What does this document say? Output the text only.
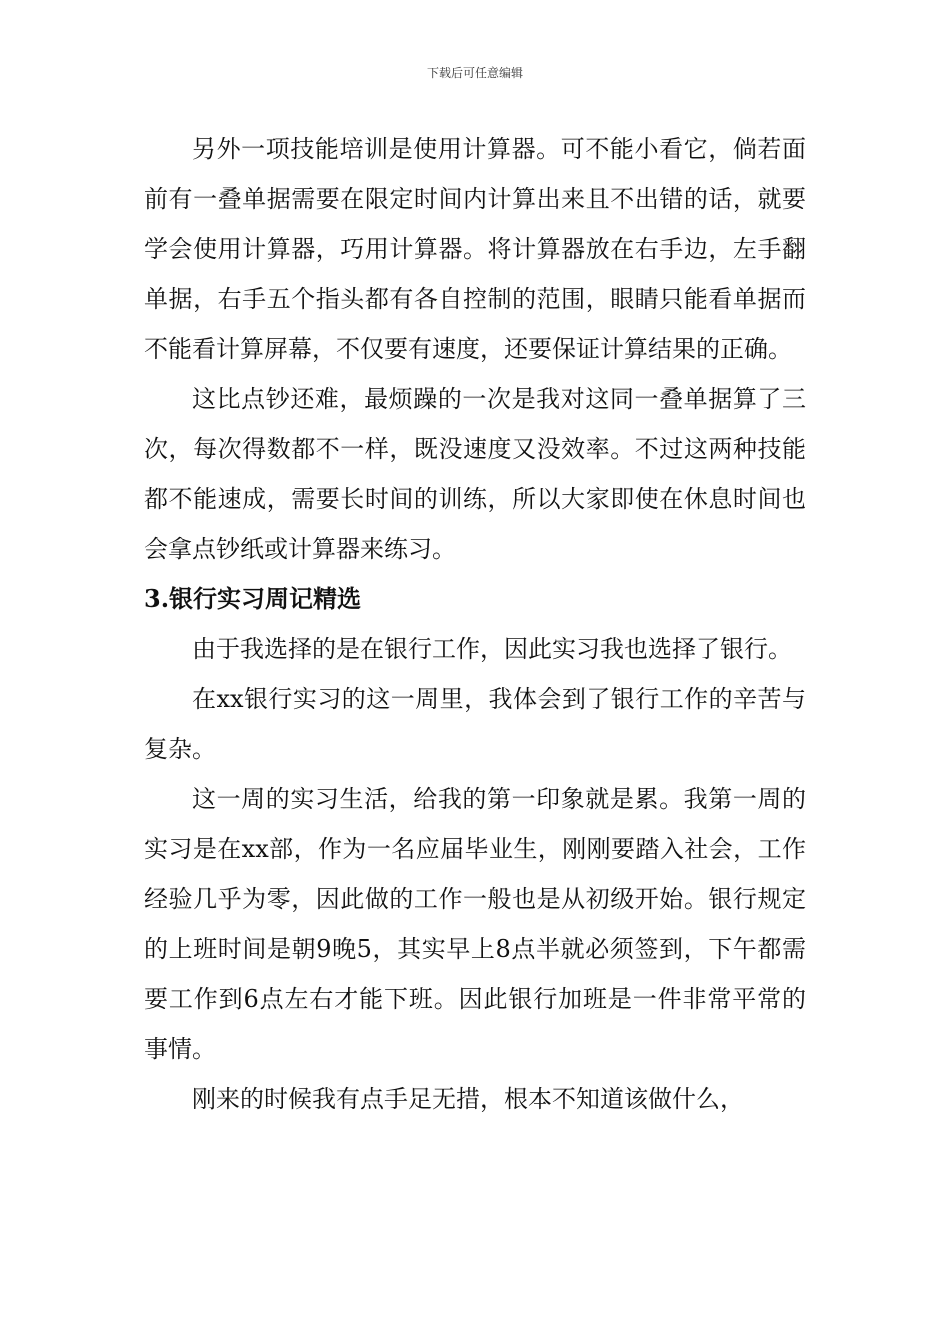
下载后可任意编辑

另外一项技能培训是使用计算器。可不能小看它，倘若面前有一叠单据需要在限定时间内计算出来且不出错的话，就要学会使用计算器，巧用计算器。将计算器放在右手边，左手翻单据，右手五个指头都有各自控制的范围，眼睛只能看单据而不能看计算屏幕，不仅要有速度，还要保证计算结果的正确。

这比点钞还难，最烦躁的一次是我对这同一叠单据算了三次，每次得数都不一样，既没速度又没效率。不过这两种技能都不能速成，需要长时间的训练，所以大家即使在休息时间也会拿点钞纸或计算器来练习。

3.银行实习周记精选

由于我选择的是在银行工作，因此实习我也选择了银行。

在xx银行实习的这一周里，我体会到了银行工作的辛苦与复杂。

这一周的实习生活，给我的第一印象就是累。我第一周的实习是在xx部，作为一名应届毕业生，刚刚要踏入社会，工作经验几乎为零，因此做的工作一般也是从初级开始。银行规定的上班时间是朝9晚5，其实早上8点半就必须签到，下午都需要工作到6点左右才能下班。因此银行加班是一件非常平常的事情。

刚来的时候我有点手足无措，根本不知道该做什么，
